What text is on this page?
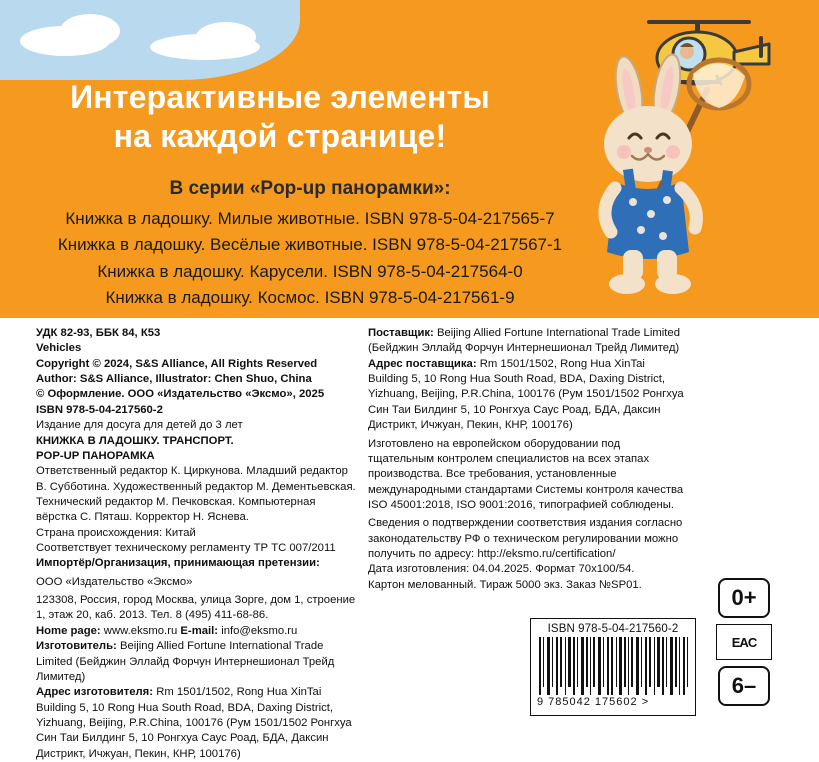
Интерактивные элементы
на каждой странице!
В серии «Pop-up панорамки»:
Книжка в ладошку. Милые животные. ISBN 978-5-04-217565-7
Книжка в ладошку. Весёлые животные. ISBN 978-5-04-217567-1
Книжка в ладошку. Карусели. ISBN 978-5-04-217564-0
Книжка в ладошку. Космос. ISBN 978-5-04-217561-9
УДК 82-93, ББК 84, К53
Vehicles
Copyright © 2024, S&S Alliance, All Rights Reserved
Author: S&S Alliance, Illustrator: Chen Shuo, China
© Оформление. ООО «Издательство «Эксмо», 2025
ISBN 978-5-04-217560-2
Издание для досуга для детей до 3 лет
КНИЖКА В ЛАДОШКУ. ТРАНСПОРТ.
POP-UP ПАНОРАМКА
Ответственный редактор К. Циркунова. Младший редактор В. Субботина. Художественный редактор М. Дементьевская. Технический редактор М. Печковская. Компьютерная вёрстка С. Пяташ. Корректор Н. Яснева.
Страна происхождения: Китай
Соответствует техническому регламенту ТР ТС 007/2011
Импортёр/Организация, принимающая претензии:
ООО «Издательство «Эксмо»
123308, Россия, город Москва, улица Зорге, дом 1, строение 1, этаж 20, каб. 2013. Тел. 8 (495) 411-68-86.
Home page: www.eksmo.ru E-mail: info@eksmo.ru
Изготовитель: Beijing Allied Fortune International Trade Limited (Бейджин Эллайд Форчун Интернешионал Трейд Лимитед)
Адрес изготовителя: Rm 1501/1502, Rong Hua XinTai Building 5, 10 Rong Hua South Road, BDA, Daxing District, Yizhuang, Beijing, P.R.China, 100176 (Рум 1501/1502 Ронгхуа Син Таи Билдинг 5, 10 Ронгхуа Саус Роад, БДА, Даксин Дистрикт, Ичжуан, Пекин, КНР, 100176)
Поставщик: Beijing Allied Fortune International Trade Limited (Бейджин Эллайд Форчун Интернешионал Трейд Лимитед)
Адрес поставщика: Rm 1501/1502, Rong Hua XinTai Building 5, 10 Rong Hua South Road, BDA, Daxing District, Yizhuang, Beijing, P.R.China, 100176 (Рум 1501/1502 Ронгхуа Син Таи Билдинг 5, 10 Ронгхуа Саус Роад, БДА, Даксин Дистрикт, Ичжуан, Пекин, КНР, 100176)
Изготовлено на европейском оборудовании под тщательным контролем специалистов на всех этапах производства. Все требования, установленные международными стандартами Системы контроля качества ISO 45001:2018, ISO 9001:2016, типографией соблюдены.
Сведения о подтверждении соответствия издания согласно законодательству РФ о техническом регулировании можно получить по адресу: http://eksmo.ru/certification/
Дата изготовления: 04.04.2025. Формат 70х100/54.
Картон мелованный. Тираж 5000 экз. Заказ №SP01.
ISBN 978-5-04-217560-2
9 785042 175602 >
0+
EAC
6–
